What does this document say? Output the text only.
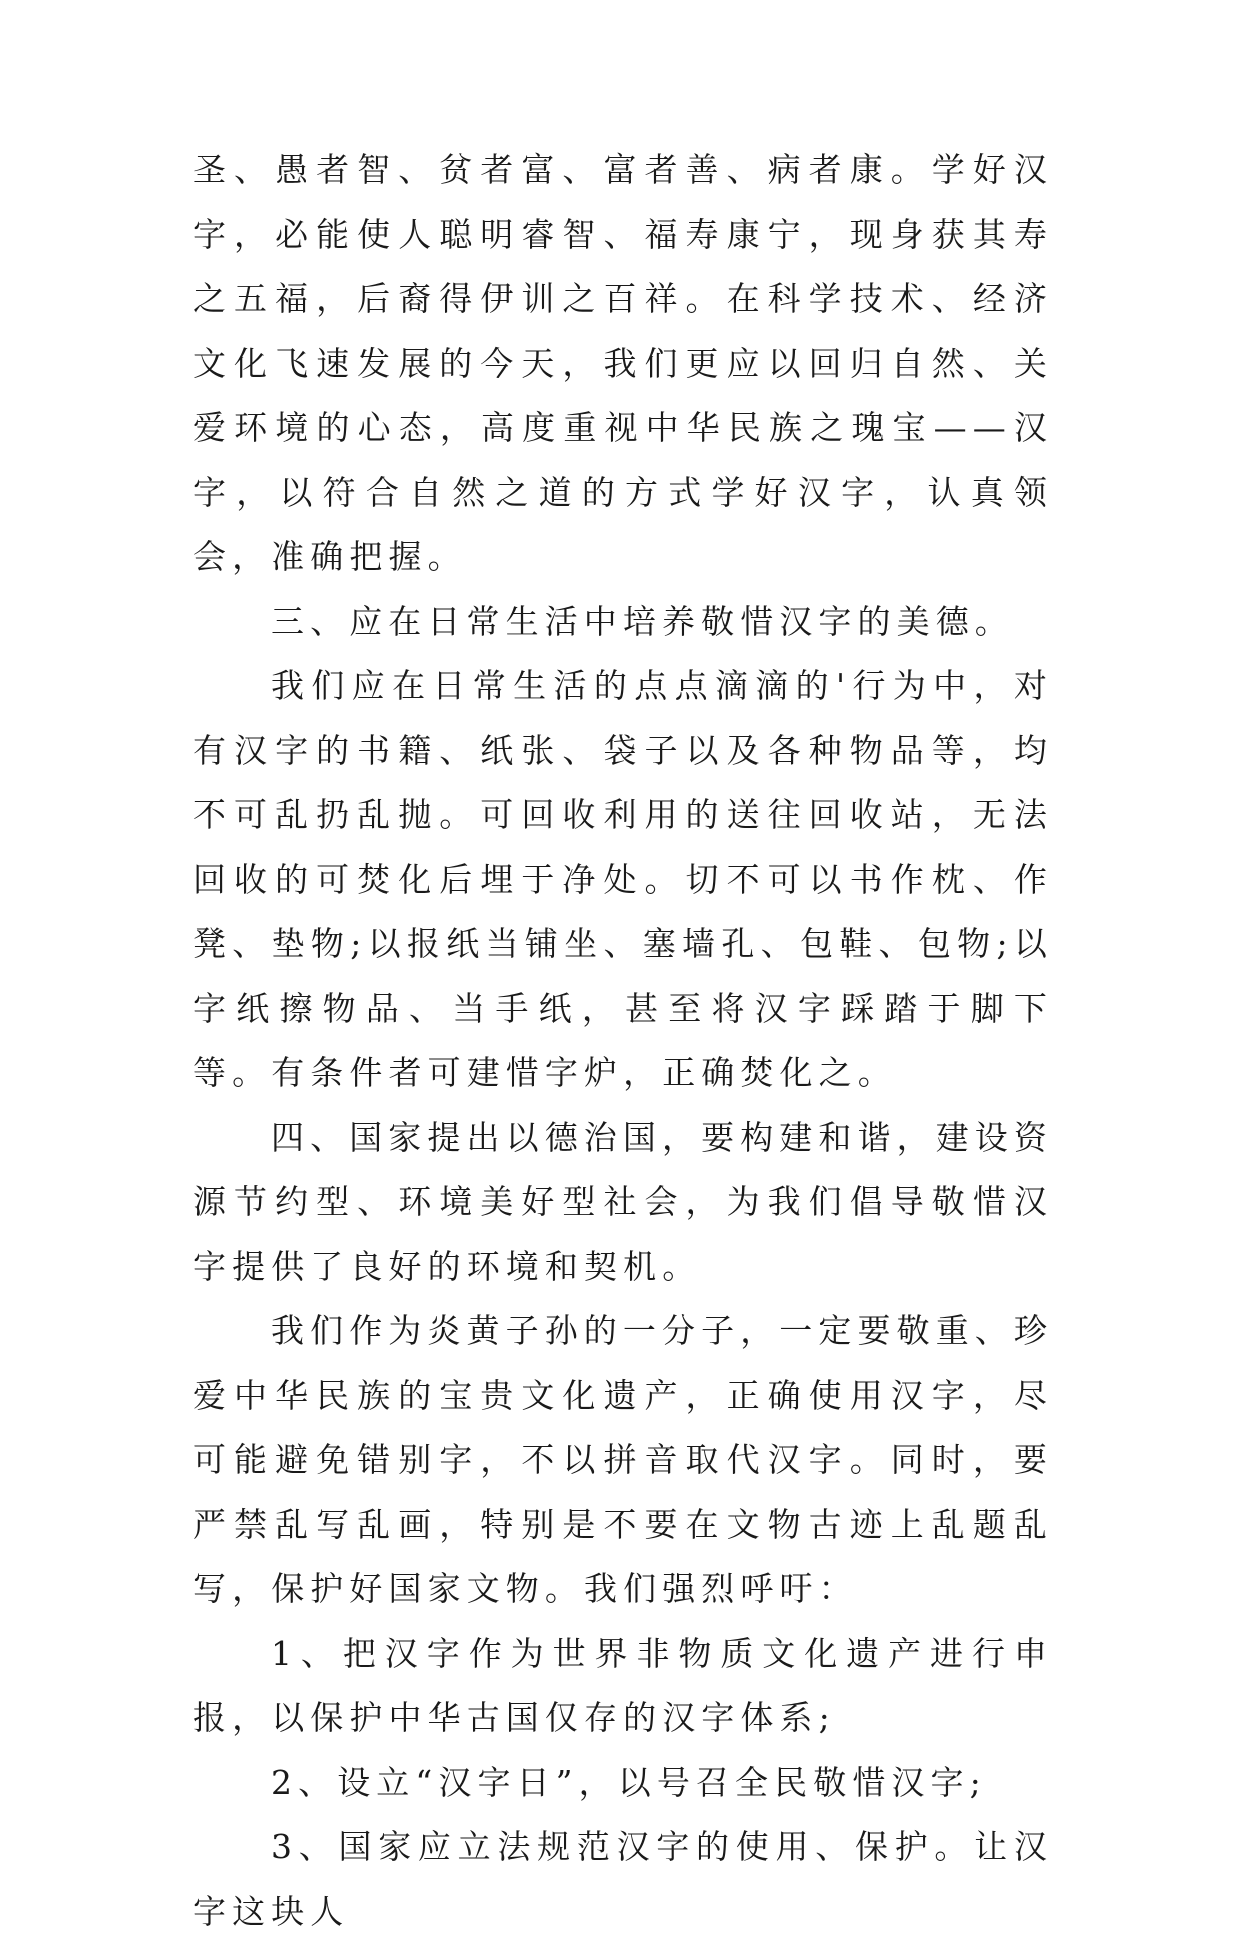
圣、愚者智、贫者富、富者善、病者康。学好汉字，必能使人聪明睿智、福寿康宁，现身获其寿之五福，后裔得伊训之百祥。在科学技术、经济文化飞速发展的今天，我们更应以回归自然、关爱环境的心态，高度重视中华民族之瑰宝——汉字，以符合自然之道的方式学好汉字，认真领会，准确把握。

三、应在日常生活中培养敬惜汉字的美德。

我们应在日常生活的点点滴滴的'行为中，对有汉字的书籍、纸张、袋子以及各种物品等，均不可乱扔乱抛。可回收利用的送往回收站，无法回收的可焚化后埋于净处。切不可以书作枕、作凳、垫物;以报纸当铺坐、塞墙孔、包鞋、包物;以字纸擦物品、当手纸，甚至将汉字踩踏于脚下等。有条件者可建惜字炉，正确焚化之。

四、国家提出以德治国，要构建和谐，建设资源节约型、环境美好型社会，为我们倡导敬惜汉字提供了良好的环境和契机。

我们作为炎黄子孙的一分子，一定要敬重、珍爱中华民族的宝贵文化遗产，正确使用汉字，尽可能避免错别字，不以拼音取代汉字。同时，要严禁乱写乱画，特别是不要在文物古迹上乱题乱写，保护好国家文物。我们强烈呼吁：

1、把汉字作为世界非物质文化遗产进行申报，以保护中华古国仅存的汉字体系;

2、设立“汉字日”，以号召全民敬惜汉字;

3、国家应立法规范汉字的使用、保护。让汉字这块人
